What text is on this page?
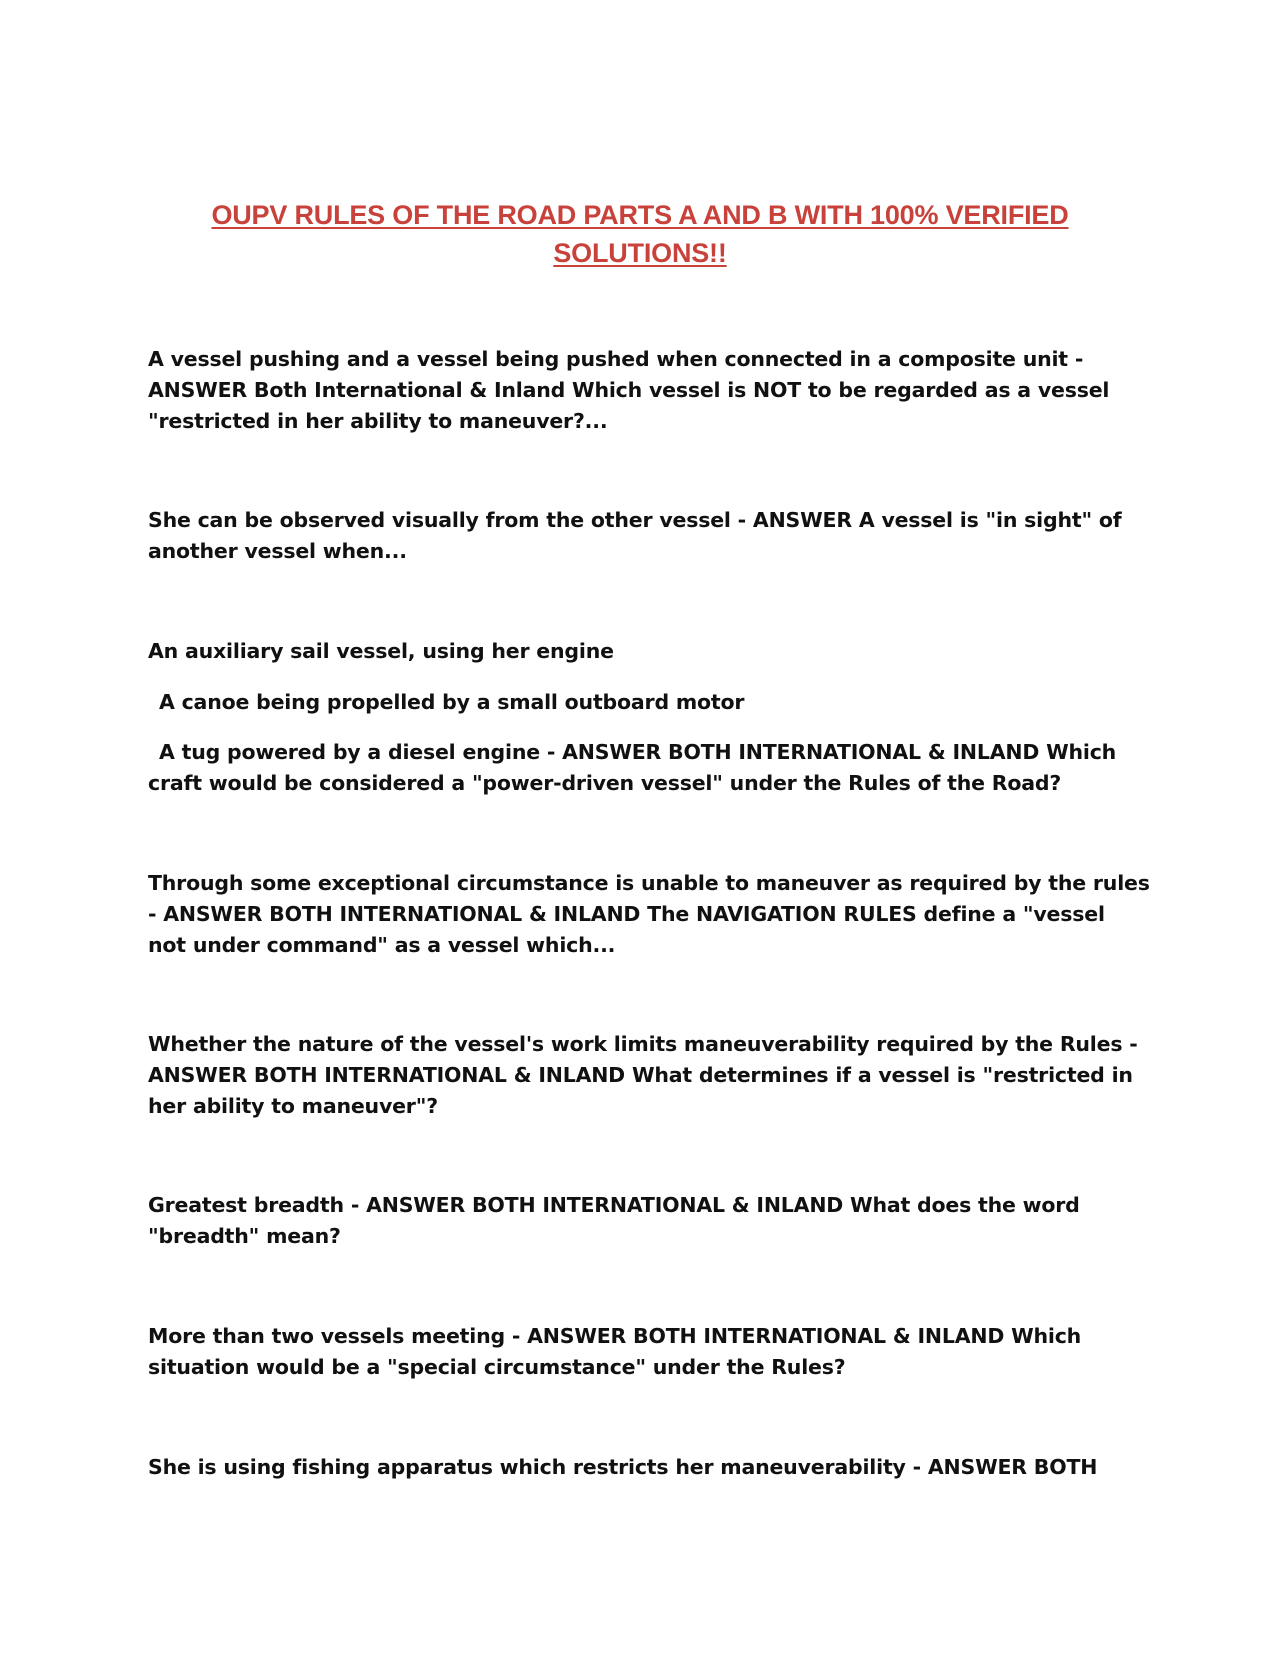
OUPV RULES OF THE ROAD PARTS A AND B WITH 100% VERIFIED
SOLUTIONS!!

A vessel pushing and a vessel being pushed when connected in a composite unit -
ANSWER Both International & Inland Which vessel is NOT to be regarded as a vessel
"restricted in her ability to maneuver?...

She can be observed visually from the other vessel - ANSWER A vessel is "in sight" of
another vessel when...

An auxiliary sail vessel, using her engine

A canoe being propelled by a small outboard motor

A tug powered by a diesel engine - ANSWER BOTH INTERNATIONAL & INLAND Which
craft would be considered a "power-driven vessel" under the Rules of the Road?

Through some exceptional circumstance is unable to maneuver as required by the rules
- ANSWER BOTH INTERNATIONAL & INLAND The NAVIGATION RULES define a "vessel
not under command" as a vessel which...

Whether the nature of the vessel's work limits maneuverability required by the Rules -
ANSWER BOTH INTERNATIONAL & INLAND What determines if a vessel is "restricted in
her ability to maneuver"?

Greatest breadth - ANSWER BOTH INTERNATIONAL & INLAND What does the word
"breadth" mean?

More than two vessels meeting - ANSWER BOTH INTERNATIONAL & INLAND Which
situation would be a "special circumstance" under the Rules?

She is using fishing apparatus which restricts her maneuverability - ANSWER BOTH
